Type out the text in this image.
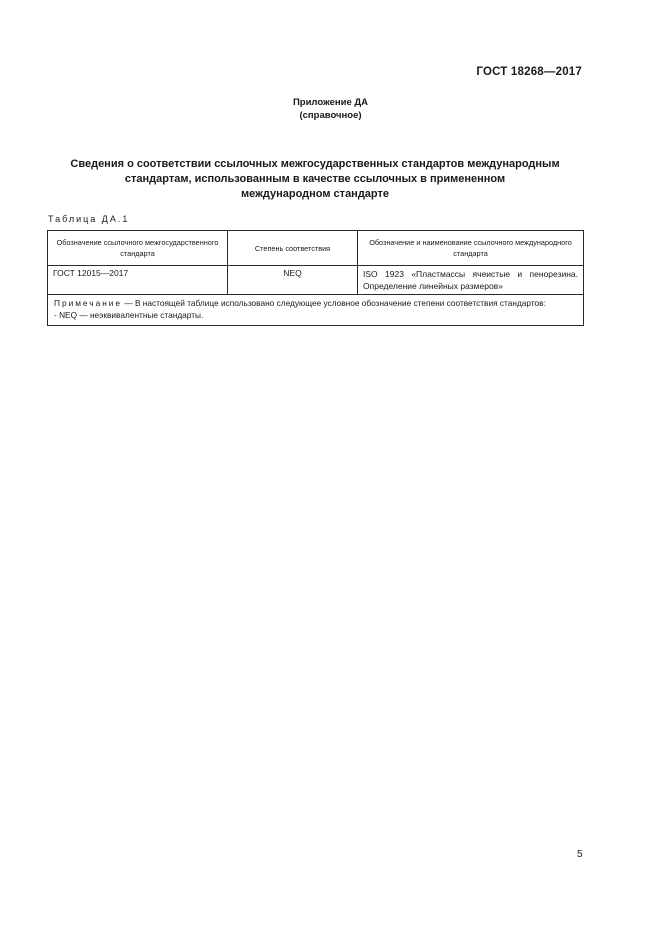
ГОСТ 18268—2017
Приложение ДА
(справочное)
Сведения о соответствии ссылочных межгосударственных стандартов международным
стандартам, использованным в качестве ссылочных в примененном
международном стандарте
Таблица ДА.1
Обозначение ссылочного межгосударственного стандарта	Степень соответствия	Обозначение и наименование ссылочного международного стандарта
ГОСТ 12015—2017	NEQ	ISO 1923 «Пластмассы ячеистые и пенорезина. Определение линейных размеров»
Примечание — В настоящей таблице использовано следующее условное обозначение степени соответствия стандартов:
- NEQ — неэквивалентные стандарты.		
5
